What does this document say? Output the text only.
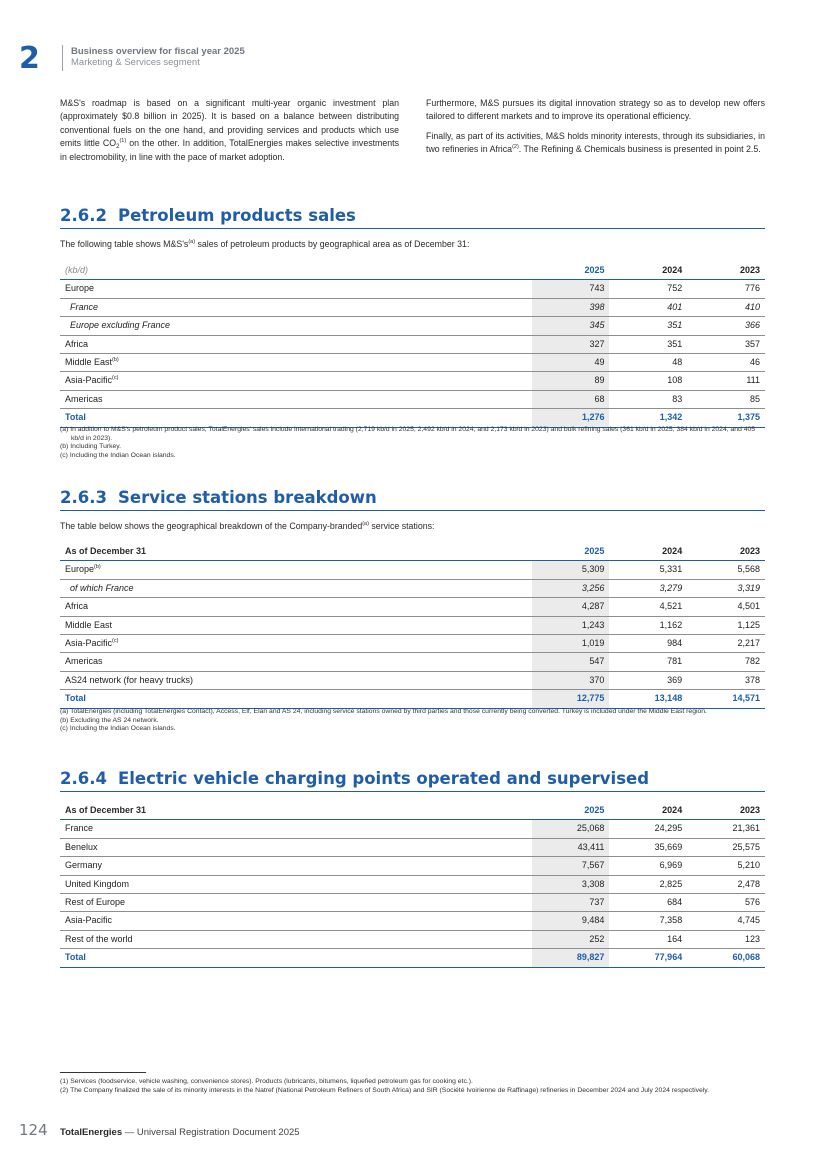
2	Business overview for fiscal year 2025
Marketing & Services segment

M&S's roadmap is based on a significant multi-year organic investment plan (approximately $0.8 billion in 2025). It is based on a balance between distributing conventional fuels on the one hand, and providing services and products which use emits little $CO_2^{(1)}$ on the other. In addition, TotalEnergies makes selective investments in electromobility, in line with the pace of market adoption.

Furthermore, M&S pursues its digital innovation strategy so as to develop new offers tailored to different markets and to improve its operational efficiency.

Finally, as part of its activities, M&S holds minority interests, through its subsidiaries, in two refineries in Africa$^{(2)}$. The Refining & Chemicals business is presented in point 2.5.

2.6.2 Petroleum products sales
The following table shows $M\&S's^{(a)}$ sales of petroleum products by geographical area as of December 31:
(kb/d)	2025	2024	2023
Europe	743	752	776
France	398	401	410
Europe excluding France	345	351	366
Africa	327	351	357
Middle East$^{(b)}$	49	48	46
Asia-Pacific$^{(c)}$	89	108	111
Americas	68	83	85
Total	1,276	1,342	1,375
(a) In addition to M&S's petroleum product sales, TotalEnergies' sales include international trading (2,719 kb/d in 2025, 2,492 kb/d in 2024, and 2,173 kb/d in 2023) and bulk refining sales (361 kb/d in 2025, 384 kb/d in 2024, and 405 kb/d in 2023).
(b) Including Turkey.
(c) Including the Indian Ocean islands.
2.6.3 Service stations breakdown
The table below shows the geographical breakdown of the Company-branded$^{(a)}$ service stations:
As of December 31	2025	2024	2023
Europe$^{(b)}$	5,309	5,331	5,568
of which France	3,256	3,279	3,319
Africa	4,287	4,521	4,501
Middle East	1,243	1,162	1,125
Asia-Pacific$^{(c)}$	1,019	984	2,217
Americas	547	781	782
AS24 network (for heavy trucks)	370	369	378
Total	12,775	13,148	14,571
(a) TotalEnergies (including TotalEnergies Contact), Access, Elf, Elan and AS 24, including service stations owned by third parties and those currently being converted. Turkey is included under the Middle East region.
(b) Excluding the AS 24 network.
(c) Including the Indian Ocean islands.
2.6.4 Electric vehicle charging points operated and supervised
As of December 31	2025	2024	2023
France	25,068	24,295	21,361
Benelux	43,411	35,669	25,575
Germany	7,567	6,969	5,210
United Kingdom	3,308	2,825	2,478
Rest of Europe	737	684	576
Asia-Pacific	9,484	7,358	4,745
Rest of the world	252	164	123
Total	89,827	77,964	60,068
(1) Services (foodservice, vehicle washing, convenience stores). Products (lubricants, bitumens, liquefied petroleum gas for cooking etc.).
(2) The Company finalized the sale of its minority interests in the Natref (National Petroleum Refiners of South Africa) and SIR (Société Ivoirienne de Raffinage) refineries in December 2024 and July 2024 respectively.
124 TotalEnergies — Universal Registration Document 2025
